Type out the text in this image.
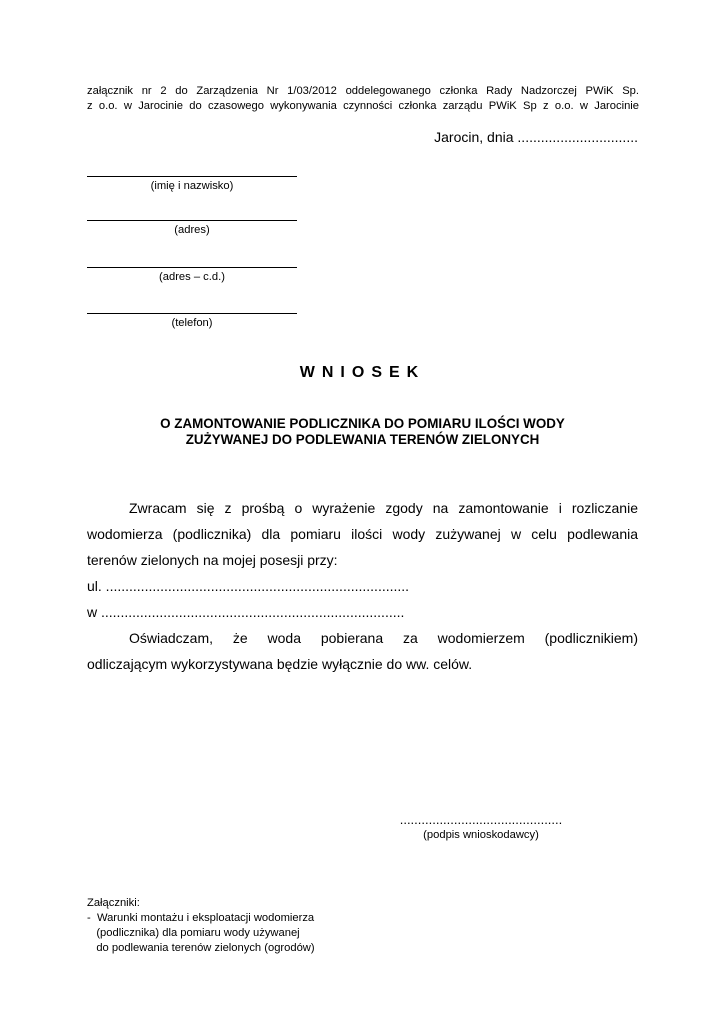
załącznik nr 2 do Zarządzenia Nr 1/03/2012 oddelegowanego członka Rady Nadzorczej PWiK Sp.
z o.o. w Jarocinie do czasowego wykonywania czynności członka zarządu PWiK Sp z o.o. w Jarocinie
Jarocin, dnia ...............................
(imię i nazwisko)
(adres)
(adres – c.d.)
(telefon)
WNIOSEK
O ZAMONTOWANIE PODLICZNIKA DO POMIARU ILOŚCI WODY
ZUŻYWANEJ DO PODLEWANIA TERENÓW ZIELONYCH
Zwracam się z prośbą o wyrażenie zgody na zamontowanie i rozliczanie
wodomierza (podlicznika) dla pomiaru ilości wody zużywanej w celu podlewania
terenów zielonych na mojej posesji przy:
ul. ..............................................................................
w ..............................................................................
Oświadczam, że woda pobierana za wodomierzem (podlicznikiem)
odliczającym wykorzystywana będzie wyłącznie do ww. celów.
.............................................
(podpis wnioskodawcy)
Załączniki:
-  Warunki montażu i eksploatacji wodomierza
(podlicznika) dla pomiaru wody używanej
do podlewania terenów zielonych (ogrodów)
